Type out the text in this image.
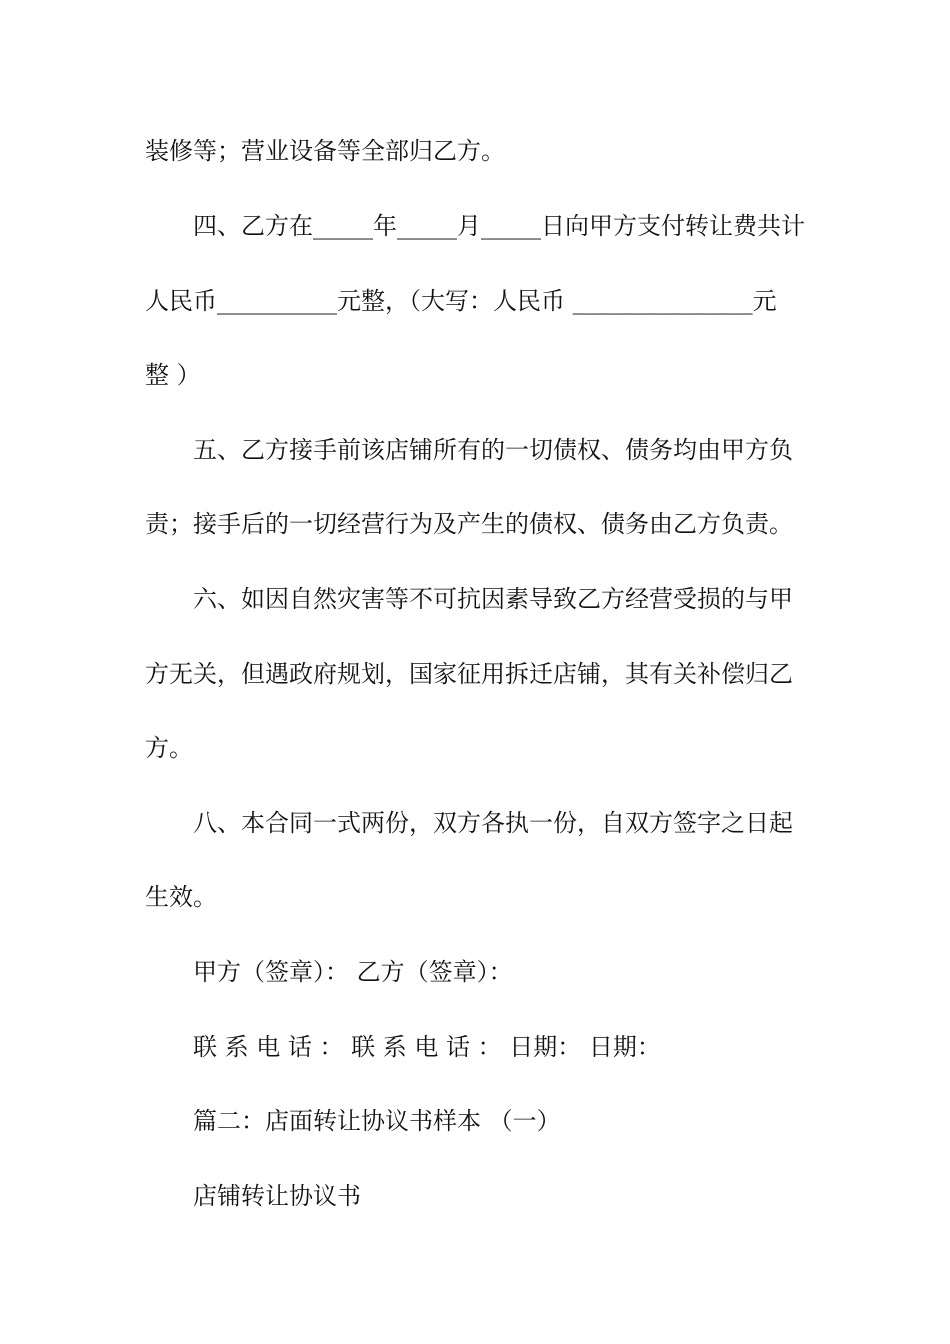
装修等；营业设备等全部归乙方。
四、乙方在_____年_____月_____日向甲方支付转让费共计
人民币__________元整，（大写：人民币 _______________元
整 ）
五、乙方接手前该店铺所有的一切债权、债务均由甲方负
责；接手后的一切经营行为及产生的债权、债务由乙方负责。
六、如因自然灾害等不可抗因素导致乙方经营受损的与甲
方无关，但遇政府规划，国家征用拆迁店铺，其有关补偿归乙
方。
八、本合同一式两份，双方各执一份，自双方签字之日起
生效。
甲方（签章）： 乙方（签章）：
联 系 电 话 ： 联 系 电 话 ： 日期： 日期：
篇二：店面转让协议书样本 （一）
店铺转让协议书
